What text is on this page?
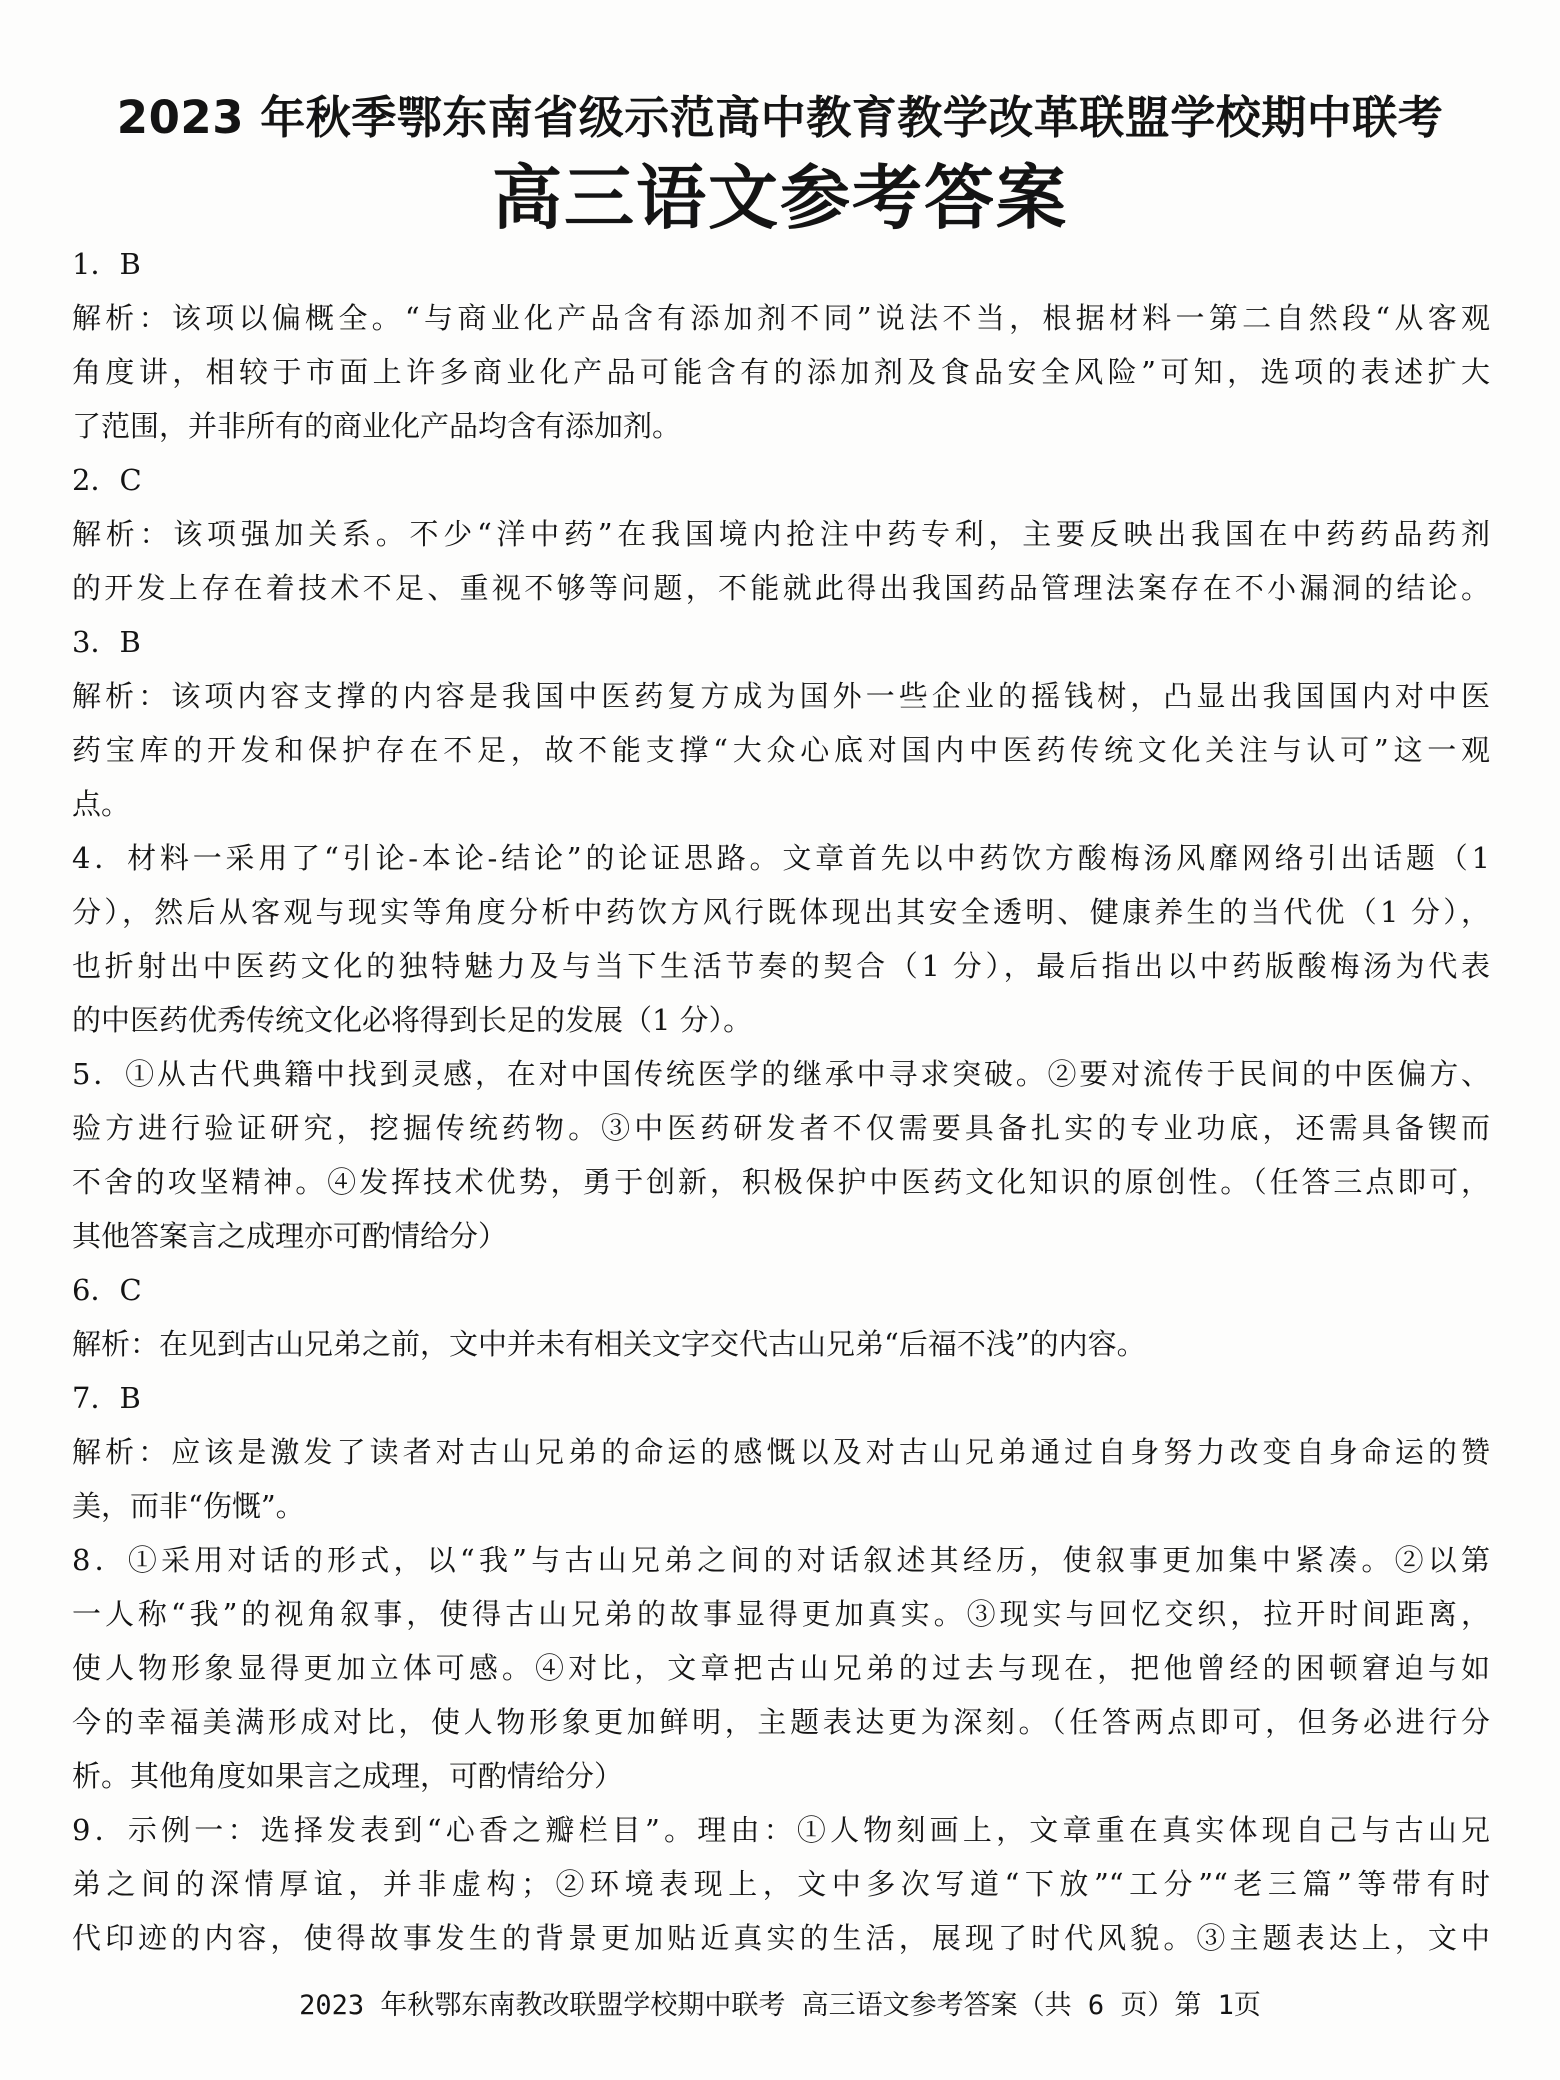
2023 年秋季鄂东南省级示范高中教育教学改革联盟学校期中联考
高三语文参考答案
1．B
解析：该项以偏概全。“与商业化产品含有添加剂不同”说法不当，根据材料一第二自然段“从客观
角度讲，相较于市面上许多商业化产品可能含有的添加剂及食品安全风险”可知，选项的表述扩大
了范围，并非所有的商业化产品均含有添加剂。
2．C
解析：该项强加关系。不少“洋中药”在我国境内抢注中药专利，主要反映出我国在中药药品药剂
的开发上存在着技术不足、重视不够等问题，不能就此得出我国药品管理法案存在不小漏洞的结论。
3．B
解析：该项内容支撑的内容是我国中医药复方成为国外一些企业的摇钱树，凸显出我国国内对中医
药宝库的开发和保护存在不足，故不能支撑“大众心底对国内中医药传统文化关注与认可”这一观
点。
4．材料一采用了“引论-本论-结论”的论证思路。文章首先以中药饮方酸梅汤风靡网络引出话题（1
分），然后从客观与现实等角度分析中药饮方风行既体现出其安全透明、健康养生的当代优（1 分），
也折射出中医药文化的独特魅力及与当下生活节奏的契合（1 分），最后指出以中药版酸梅汤为代表
的中医药优秀传统文化必将得到长足的发展（1 分）。
5．①从古代典籍中找到灵感，在对中国传统医学的继承中寻求突破。②要对流传于民间的中医偏方、
验方进行验证研究，挖掘传统药物。③中医药研发者不仅需要具备扎实的专业功底，还需具备锲而
不舍的攻坚精神。④发挥技术优势，勇于创新，积极保护中医药文化知识的原创性。（任答三点即可，
其他答案言之成理亦可酌情给分）
6．C
解析：在见到古山兄弟之前，文中并未有相关文字交代古山兄弟“后福不浅”的内容。
7．B
解析：应该是激发了读者对古山兄弟的命运的感慨以及对古山兄弟通过自身努力改变自身命运的赞
美，而非“伤慨”。
8．①采用对话的形式，以“我”与古山兄弟之间的对话叙述其经历，使叙事更加集中紧凑。②以第
一人称“我”的视角叙事，使得古山兄弟的故事显得更加真实。③现实与回忆交织，拉开时间距离，
使人物形象显得更加立体可感。④对比，文章把古山兄弟的过去与现在，把他曾经的困顿窘迫与如
今的幸福美满形成对比，使人物形象更加鲜明，主题表达更为深刻。（任答两点即可，但务必进行分
析。其他角度如果言之成理，可酌情给分）
9．示例一：选择发表到“心香之瓣栏目”。理由：①人物刻画上，文章重在真实体现自己与古山兄
弟之间的深情厚谊，并非虚构；②环境表现上，文中多次写道“下放”“工分”“老三篇”等带有时
代印迹的内容，使得故事发生的背景更加贴近真实的生活，展现了时代风貌。③主题表达上，文中
2023 年秋鄂东南教改联盟学校期中联考 高三语文参考答案（共 6 页）第 1页
